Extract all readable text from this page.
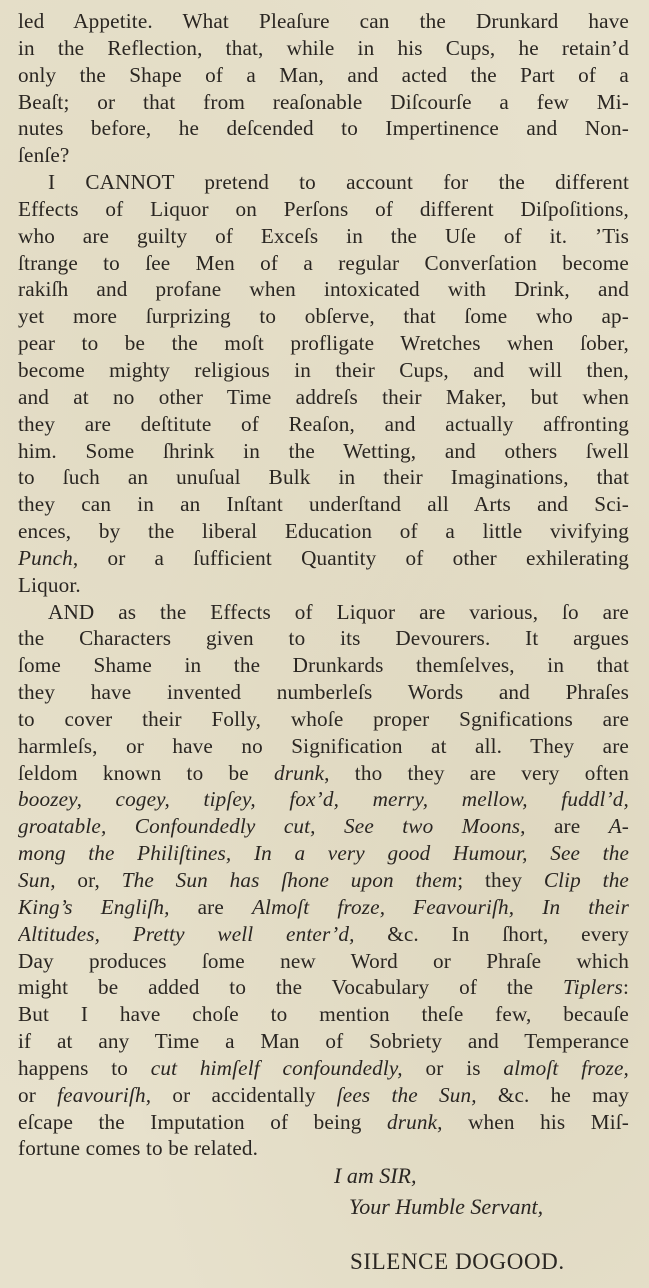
led Appetite. What Pleaſure can the Drunkard have
in the Reflection, that, while in his Cups, he retain’d
only the Shape of a Man, and acted the Part of a
Beaſt; or that from reaſonable Diſcourſe a few Mi-
nutes before, he deſcended to Impertinence and Non-
ſenſe?
I CANNOT pretend to account for the different
Effects of Liquor on Perſons of different Diſpoſitions,
who are guilty of Exceſs in the Uſe of it. ’Tis
ſtrange to ſee Men of a regular Converſation become
rakiſh and profane when intoxicated with Drink, and
yet more ſurprizing to obſerve, that ſome who ap-
pear to be the moſt profligate Wretches when ſober,
become mighty religious in their Cups, and will then,
and at no other Time addreſs their Maker, but when
they are deſtitute of Reaſon, and actually affronting
him. Some ſhrink in the Wetting, and others ſwell
to ſuch an unuſual Bulk in their Imaginations, that
they can in an Inſtant underſtand all Arts and Sci-
ences, by the liberal Education of a little vivifying
Punch, or a ſufficient Quantity of other exhilerating
Liquor.
AND as the Effects of Liquor are various, ſo are
the Characters given to its Devourers. It argues
ſome Shame in the Drunkards themſelves, in that
they have invented numberleſs Words and Phraſes
to cover their Folly, whoſe proper Sgnifications are
harmleſs, or have no Signification at all. They are
ſeldom known to be drunk, tho they are very often
boozey, cogey, tipſey, fox’d, merry, mellow, fuddl’d,
groatable, Confoundedly cut, See two Moons, are A-
mong the Philiſtines, In a very good Humour, See the
Sun, or, The Sun has ſhone upon them; they Clip the
King’s Engliſh, are Almoſt froze, Feavouriſh, In their
Altitudes, Pretty well enter’d, &c. In ſhort, every
Day produces ſome new Word or Phraſe which
might be added to the Vocabulary of the Tiplers:
But I have choſe to mention theſe few, becauſe
if at any Time a Man of Sobriety and Temperance
happens to cut himſelf confoundedly, or is almoſt froze,
or feavouriſh, or accidentally ſees the Sun, &c. he may
eſcape the Imputation of being drunk, when his Miſ-
fortune comes to be related.
I am SIR,
Your Humble Servant,
SILENCE DOGOOD.
